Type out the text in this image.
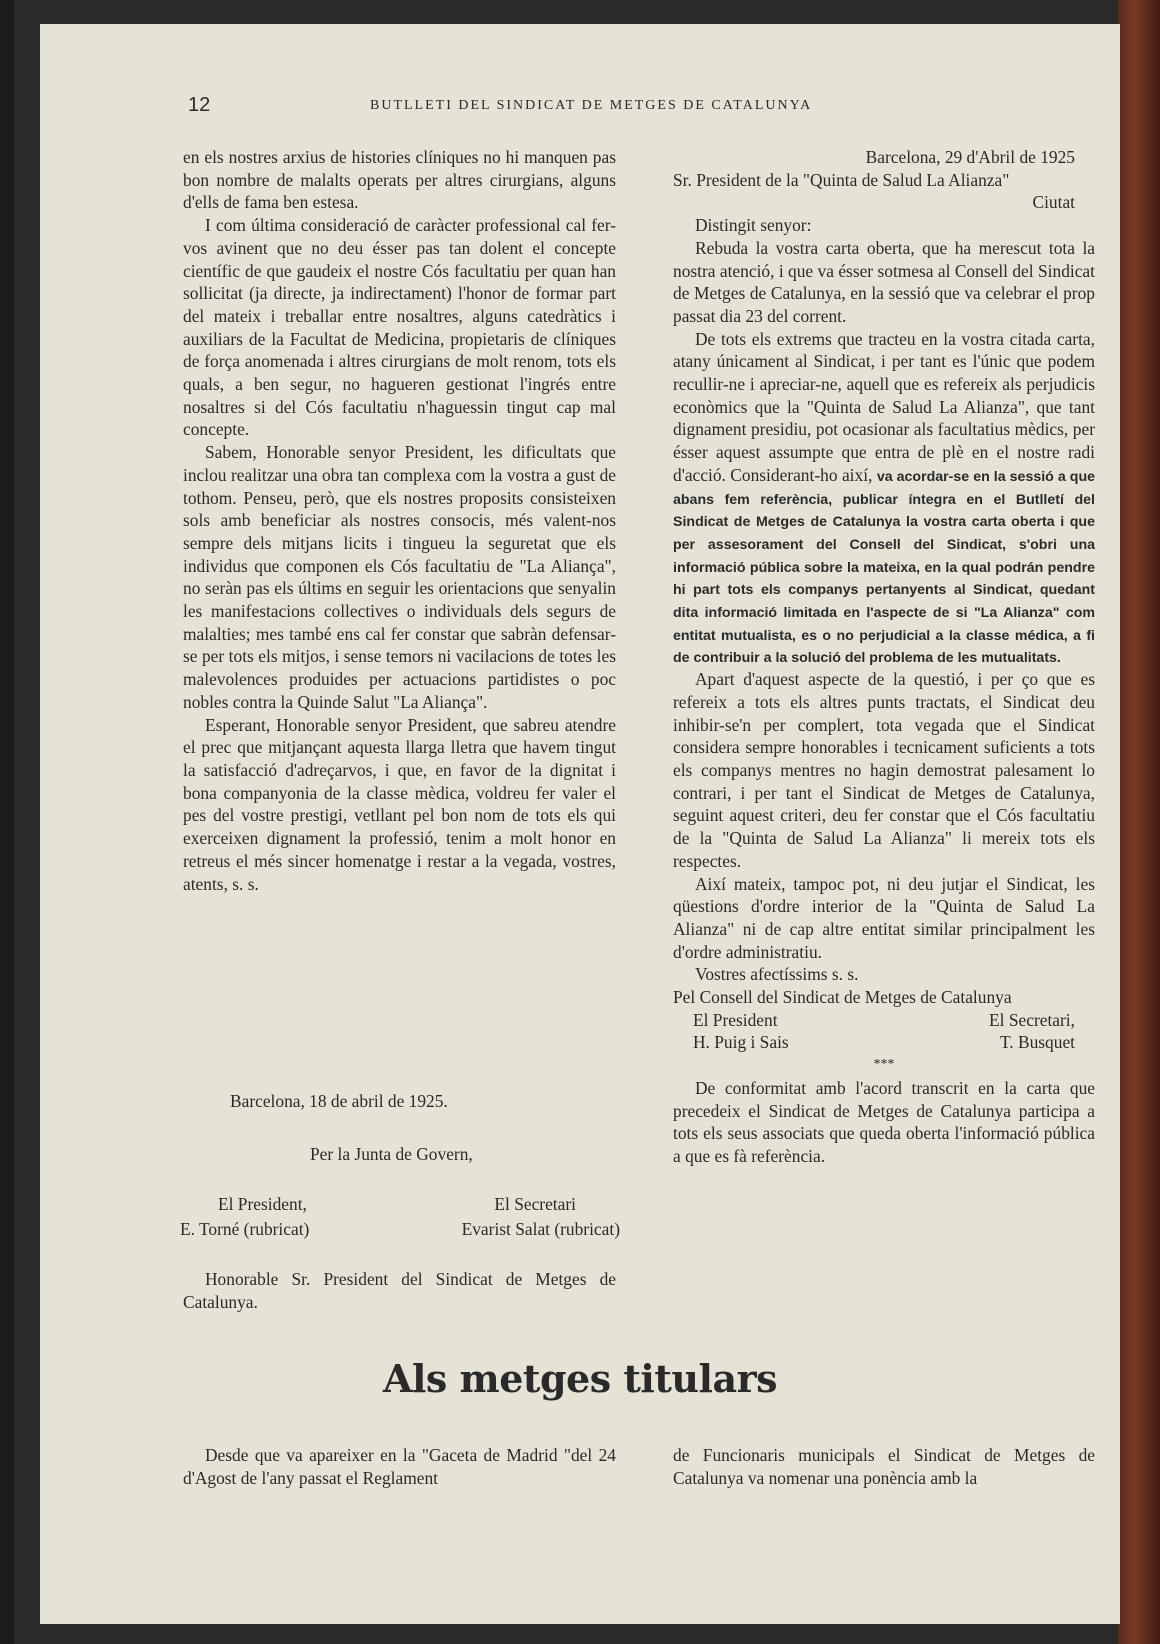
12	BUTLLETI DEL SINDICAT DE METGES DE CATALUNYA

en els nostres arxius de histories clíniques no hi manquen pas bon nombre de malalts operats per altres cirurgians, alguns d'ells de fama ben estesa.

I com última consideració de caràcter professional cal fer-vos avinent que no deu ésser pas tan dolent el concepte científic de que gaudeix el nostre Cós facultatiu per quan han sollicitat (ja directe, ja indirectament) l'honor de formar part del mateix i treballar entre nosaltres, alguns catedràtics i auxiliars de la Facultat de Medicina, propietaris de clíniques de força anomenada i altres cirurgians de molt renom, tots els quals, a ben segur, no hagueren gestionat l'ingrés entre nosaltres si del Cós facultatiu n'haguessin tingut cap mal concepte.

Sabem, Honorable senyor President, les dificultats que inclou realitzar una obra tan complexa com la vostra a gust de tothom. Penseu, però, que els nostres proposits consisteixen sols amb beneficiar als nostres consocis, més valent-nos sempre dels mitjans licits i tingueu la seguretat que els individus que componen els Cós facultatiu de "La Aliança", no seràn pas els últims en seguir les orientacions que senyalin les manifestacions collectives o individuals dels segurs de malalties; mes també ens cal fer constar que sabràn defensar-se per tots els mitjos, i sense temors ni vacilacions de totes les malevolences produides per actuacions partidistes o poc nobles contra la Quinde Salut "La Aliança".

Esperant, Honorable senyor President, que sabreu atendre el prec que mitjançant aquesta llarga lletra que havem tingut la satisfacció d'adreçarvos, i que, en favor de la dignitat i bona companyonia de la classe mèdica, voldreu fer valer el pes del vostre prestigi, vetllant pel bon nom de tots els qui exerceixen dignament la professió, tenim a molt honor en retreus el més sincer homenatge i restar a la vegada, vostres, atents, s. s.

Barcelona, 18 de abril de 1925.
Per la Junta de Govern,
El President,	El Secretari
E. Torné (rubricat)	Evarist Salat (rubricat)
Honorable Sr. President del Sindicat de Metges de Catalunya.
Barcelona, 29 d'Abril de 1925
Sr. President de la "Quinta de Salud La Alianza"
Ciutat

Distingit senyor:

Rebuda la vostra carta oberta, que ha merescut tota la nostra atenció, i que va ésser sotmesa al Consell del Sindicat de Metges de Catalunya, en la sessió que va celebrar el prop passat dia 23 del corrent.

De tots els extrems que tracteu en la vostra citada carta, atany únicament al Sindicat, i per tant es l'únic que podem recullir-ne i apreciar-ne, aquell que es refereix als perjudicis econòmics que la "Quinta de Salud La Alianza", que tant dignament presidiu, pot ocasionar als facultatius mèdics, per ésser aquest assumpte que entra de plè en el nostre radi d'acció. Considerant-ho així, va acordar-se en la sessió a que abans fem referència, publicar íntegra en el Butlletí del Sindicat de Metges de Catalunya la vostra carta oberta i que per assesorament del Consell del Sindicat, s'obri una informació pública sobre la mateixa, en la qual podrán pendre hi part tots els companys pertanyents al Sindicat, quedant dita informació limitada en l'aspecte de si "La Alianza" com entitat mutualista, es o no perjudicial a la classe médica, a fi de contribuir a la solució del problema de les mutualitats.

Apart d'aquest aspecte de la questió, i per ço que es refereix a tots els altres punts tractats, el Sindicat deu inhibir-se'n per complert, tota vegada que el Sindicat considera sempre honorables i tecnicament suficients a tots els companys mentres no hagin demostrat palesament lo contrari, i per tant el Sindicat de Metges de Catalunya, seguint aquest criteri, deu fer constar que el Cós facultatiu de la "Quinta de Salud La Alianza" li mereix tots els respectes.

Així mateix, tampoc pot, ni deu jutjar el Sindicat, les qüestions d'ordre interior de la "Quinta de Salud La Alianza" ni de cap altre entitat similar principalment les d'ordre administratiu.

Vostres afectíssims s. s.

Pel Consell del Sindicat de Metges de Catalunya

El President	El Secretari,
H. Puig i Sais	T. Busquet
***

De conformitat amb l'acord transcrit en la carta que precedeix el Sindicat de Metges de Catalunya participa a tots els seus associats que queda oberta l'informació pública a que es fà referència.

Als metges titulars
Desde que va apareixer en la "Gaceta de Madrid "del 24 d'Agost de l'any passat el Reglament
de Funcionaris municipals el Sindicat de Metges de Catalunya va nomenar una ponència amb la
